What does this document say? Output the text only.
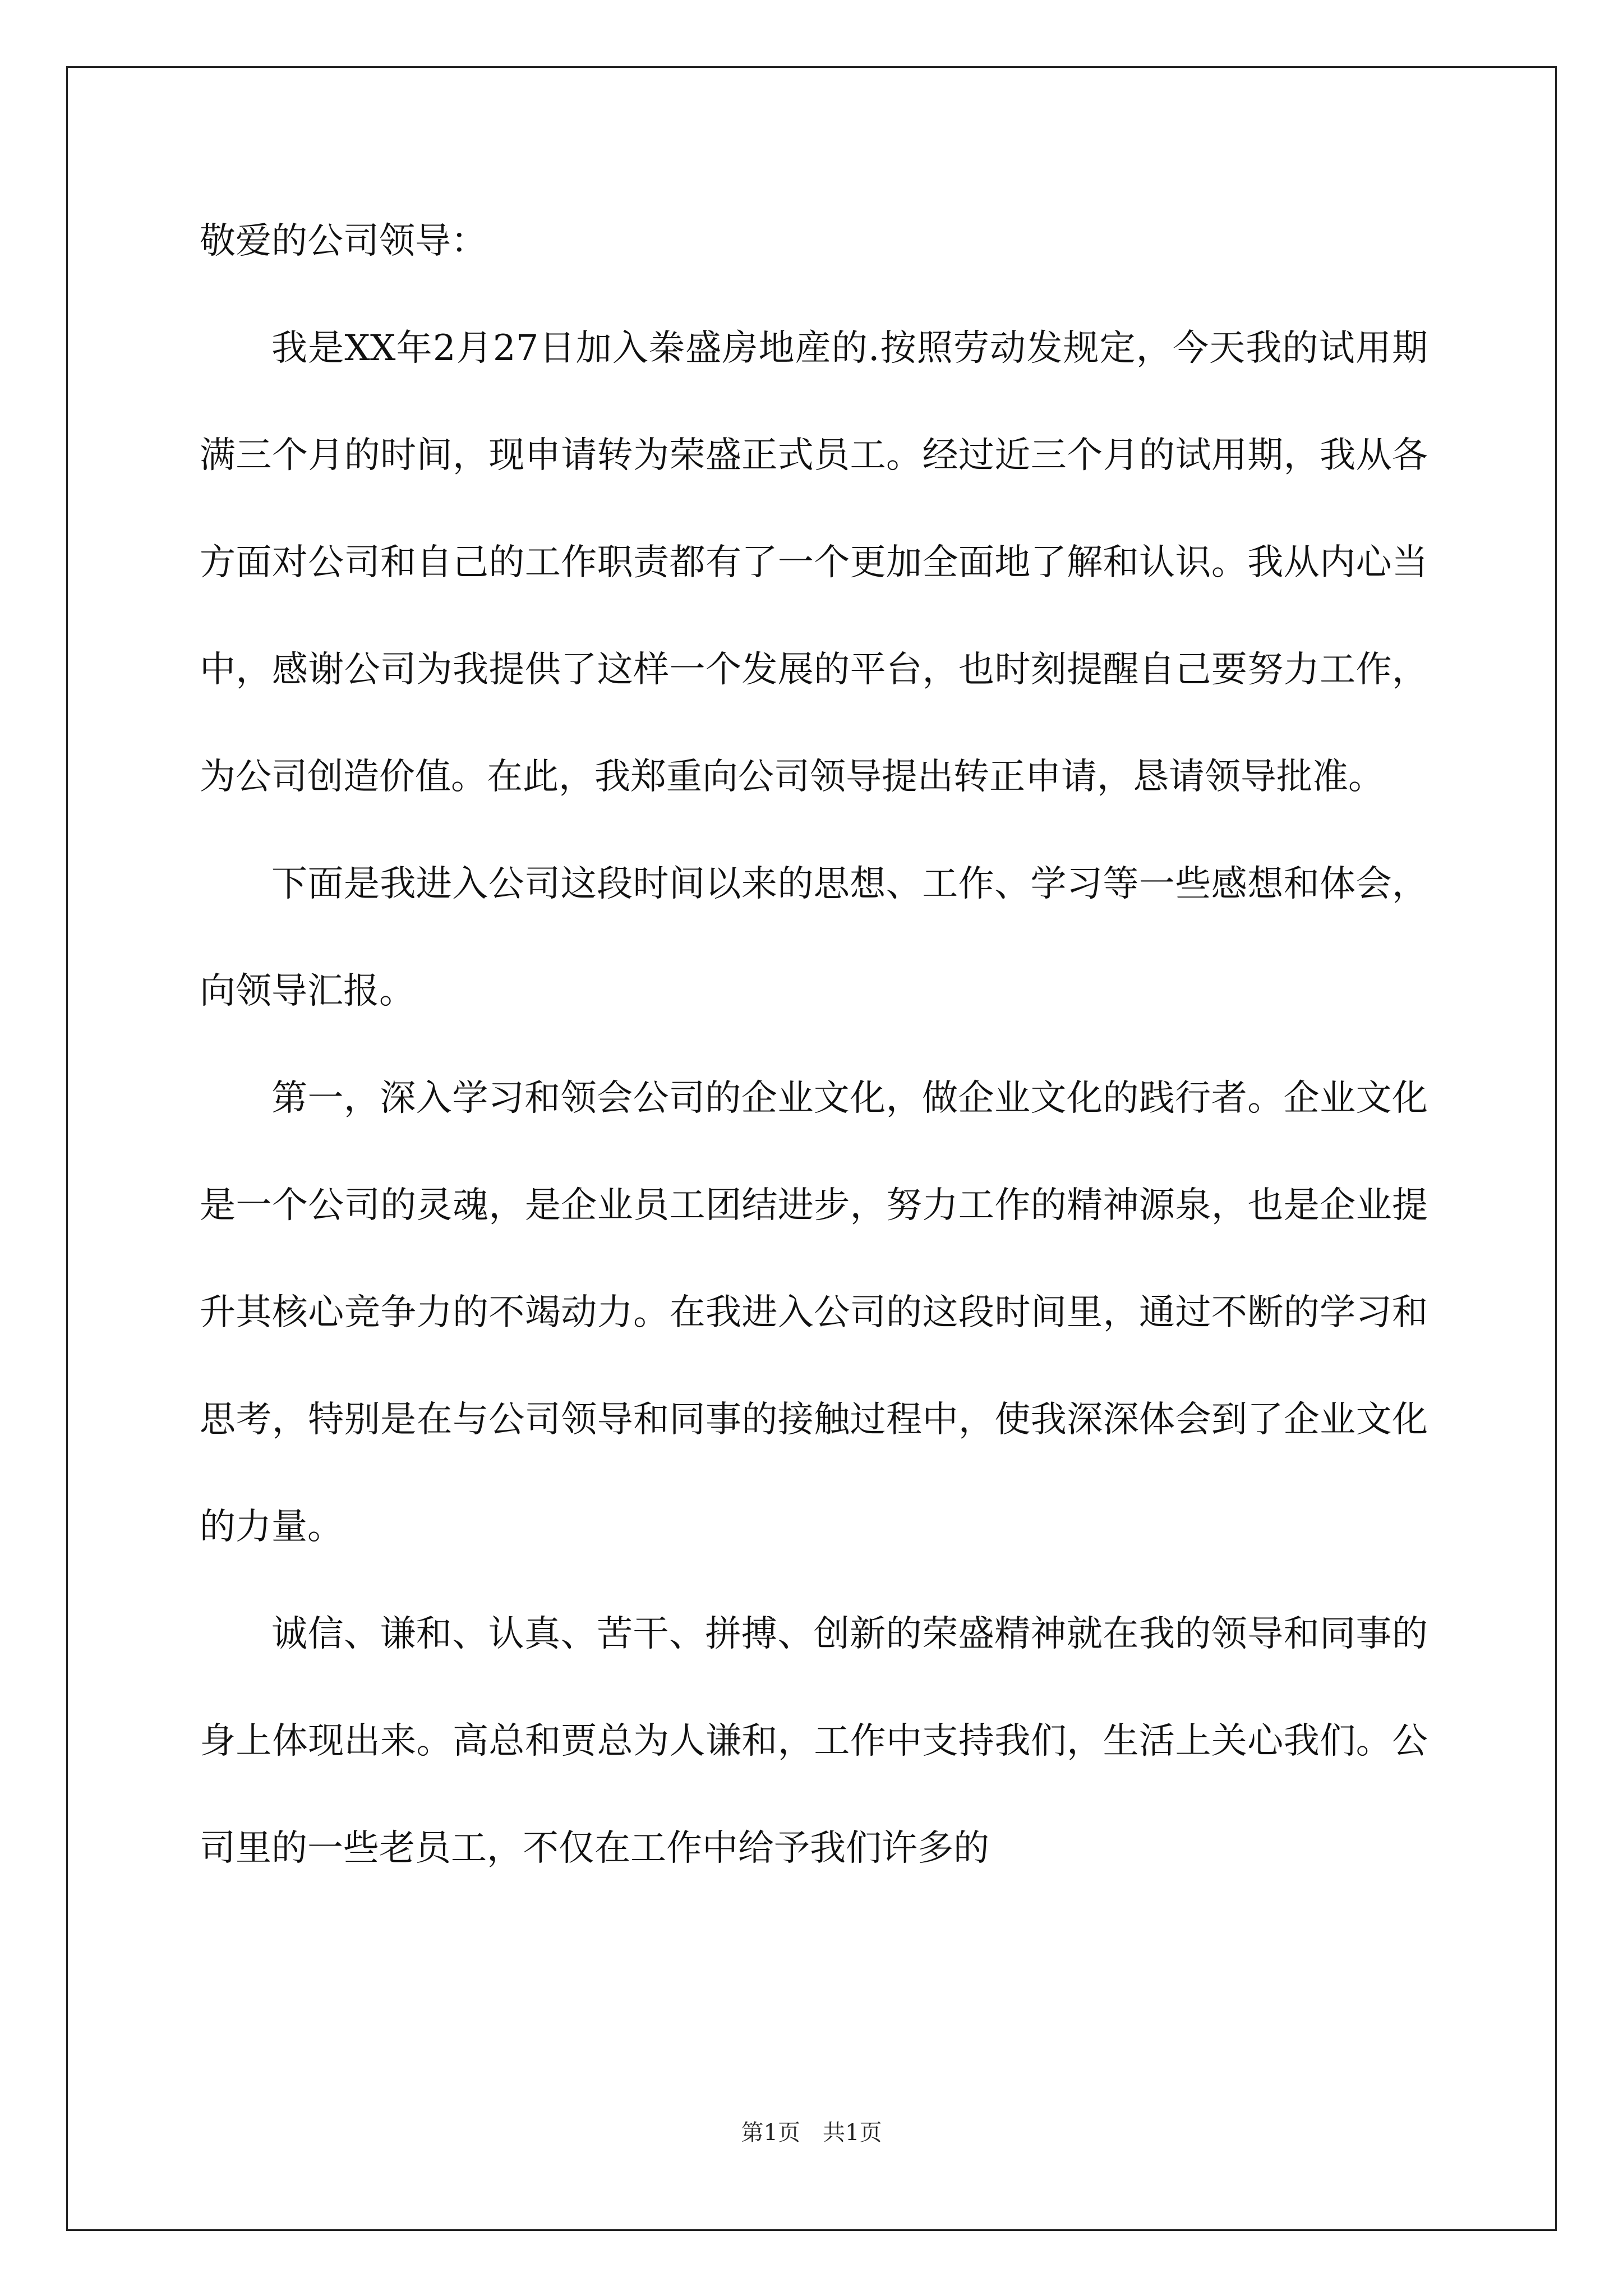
敬爱的公司领导：

我是XX年2月27日加入桊盛房地産的.按照劳动发规定，今天我的试用期满三个月的时间，现申请转为荣盛正式员工。经过近三个月的试用期，我从各方面对公司和自己的工作职责都有了一个更加全面地了解和认识。我从内心当中，感谢公司为我提供了这样一个发展的平台，也时刻提醒自己要努力工作，为公司创造价值。在此，我郑重向公司领导提出转正申请，恳请领导批准。

下面是我进入公司这段时间以来的思想、工作、学习等一些感想和体会，向领导汇报。

第一，深入学习和领会公司的企业文化，做企业文化的践行者。企业文化是一个公司的灵魂，是企业员工团结进步，努力工作的精神源泉，也是企业提升其核心竞争力的不竭动力。在我进入公司的这段时间里，通过不断的学习和思考，特别是在与公司领导和同事的接触过程中，使我深深体会到了企业文化的力量。

诚信、谦和、认真、苦干、拼搏、创新的荣盛精神就在我的领导和同事的身上体现出来。高总和贾总为人谦和，工作中支持我们，生活上关心我们。公司里的一些老员工，不仅在工作中给予我们许多的

第1页　共1页
